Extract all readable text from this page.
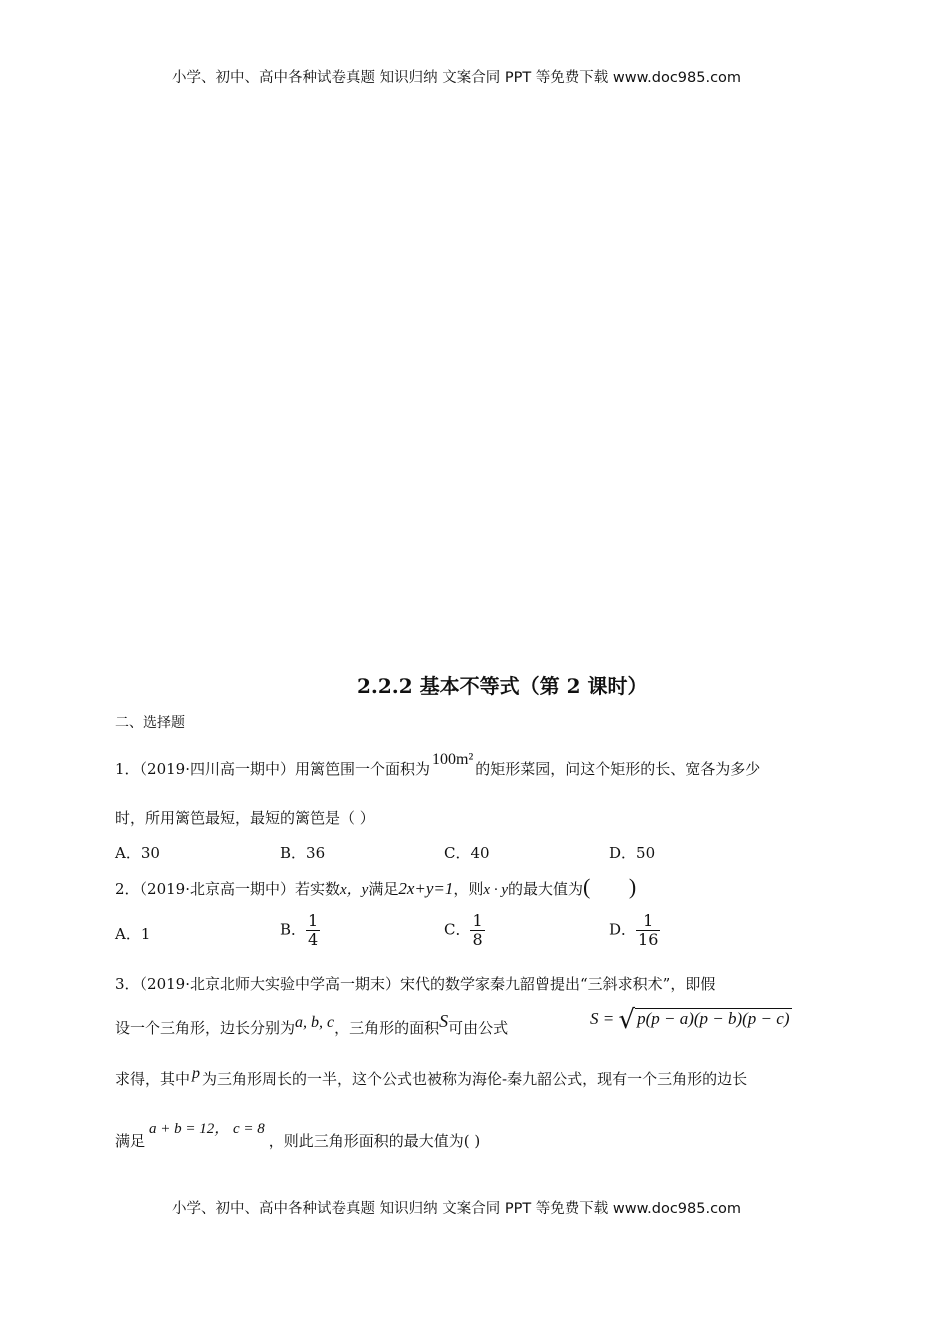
小学、初中、高中各种试卷真题 知识归纳 文案合同 PPT 等免费下载 www.doc985.com
2.2.2 基本不等式（第 2 课时）
二、选择题
1．（2019·四川高一期中）用篱笆围一个面积为100m²的矩形菜园，问这个矩形的长、宽各为多少
时，所用篱笆最短，最短的篱笆是（ ）
A．30	B．36	C．40	D．50
2．（2019·北京高一期中）若实数x，y满足2x+y=1，则x · y的最大值为(       )
A．1	B． $\frac{1}{4}$	C． $\frac{1}{8}$	D． $\frac{1}{16}$
3．（2019·北京北师大实验中学高一期末）宋代的数学家秦九韶曾提出“三斜求积术”，即假
设一个三角形，边长分别为a, b, c，三角形的面积S可由公式	S = √ p(p − a)(p − b)(p − c)
求得，其中 p 为三角形周长的一半，这个公式也被称为海伦-秦九韶公式，现有一个三角形的边长
满足a + b = 12， c = 8，则此三角形面积的最大值为( )
小学、初中、高中各种试卷真题 知识归纳 文案合同 PPT 等免费下载 www.doc985.com
